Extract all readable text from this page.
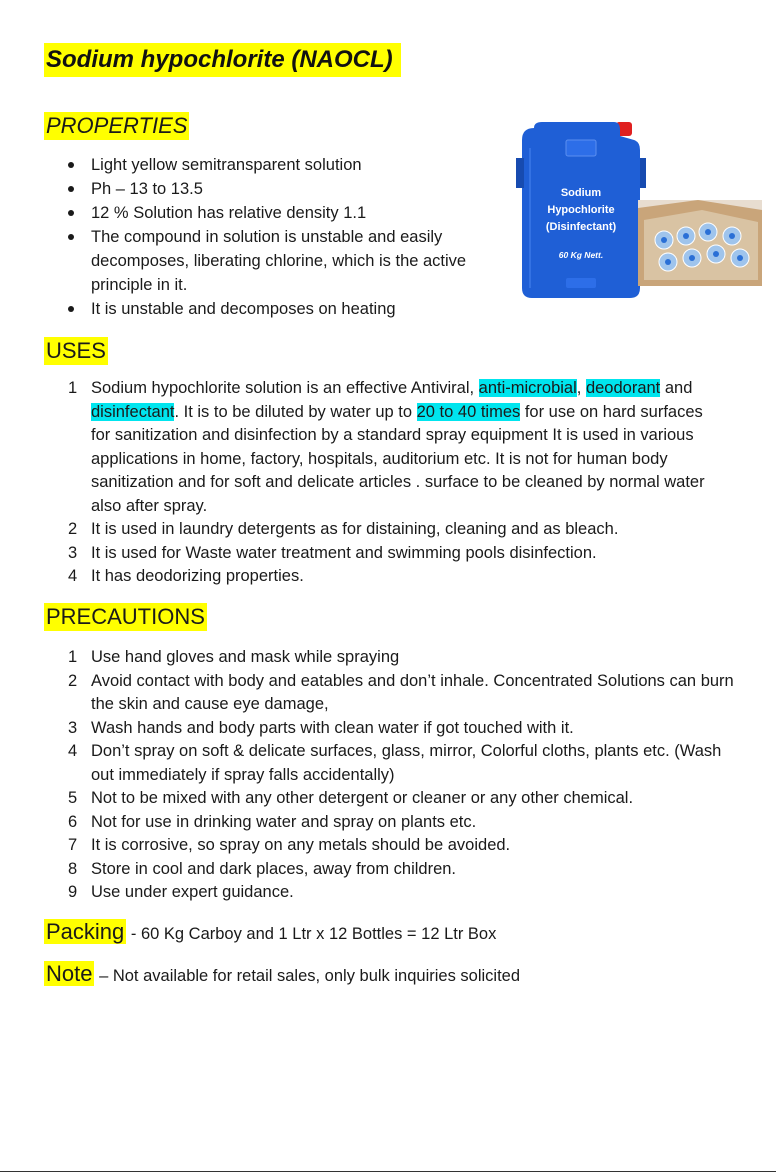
Sodium hypochlorite (NAOCL)
PROPERTIES
Light yellow semitransparent solution
Ph – 13 to 13.5
12 % Solution has relative density 1.1
The compound in solution is unstable and easily decomposes, liberating chlorine, which is the active principle in it.
It is unstable and decomposes on heating
Sodium
Hypochlorite
(Disinfectant)
60 Kg Nett.
USES
1 Sodium hypochlorite solution is an effective Antiviral, anti-microbial, deodorant and disinfectant. It is to be diluted by water up to 20 to 40 times for use on hard surfaces for sanitization and disinfection by a standard spray equipment It is used in various applications in home, factory, hospitals, auditorium etc. It is not for human body sanitization and for soft and delicate articles . surface to be cleaned by normal water also after spray.
2 It is used in laundry detergents as for distaining, cleaning and as bleach.
3 It is used for Waste water treatment and swimming pools disinfection.
4 It has deodorizing properties.
PRECAUTIONS
1 Use hand gloves and mask while spraying
2 Avoid contact with body and eatables and don’t inhale. Concentrated Solutions can burn the skin and cause eye damage,
3 Wash hands and body parts with clean water if got touched with it.
4 Don’t spray on soft & delicate surfaces, glass, mirror, Colorful cloths, plants etc. (Wash out immediately if spray falls accidentally)
5 Not to be mixed with any other detergent or cleaner or any other chemical.
6 Not for use in drinking water and spray on plants etc.
7 It is corrosive, so spray on any metals should be avoided.
8 Store in cool and dark places, away from children.
9 Use under expert guidance.
Packing - 60 Kg Carboy and 1 Ltr x 12 Bottles = 12 Ltr Box
Note – Not available for retail sales, only bulk inquiries solicited
